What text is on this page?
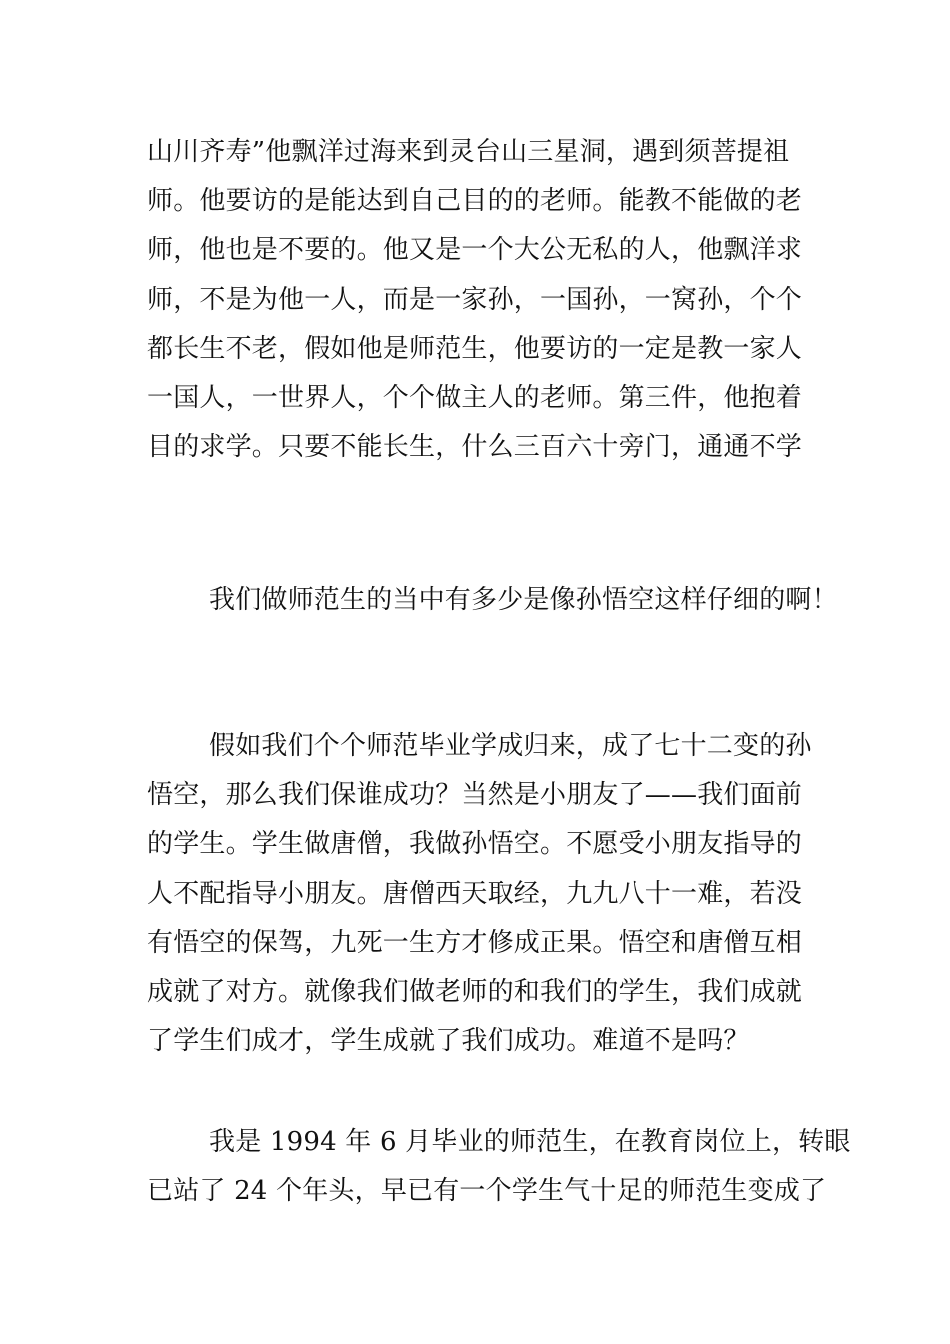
山川齐寿”他飘洋过海来到灵台山三星洞，遇到须菩提祖
师。他要访的是能达到自己目的的老师。能教不能做的老
师，他也是不要的。他又是一个大公无私的人，他飘洋求
师，不是为他一人，而是一家孙，一国孙，一窝孙，个个
都长生不老，假如他是师范生，他要访的一定是教一家人
一国人，一世界人，个个做主人的老师。第三件，他抱着
目的求学。只要不能长生，什么三百六十旁门，通通不学
我们做师范生的当中有多少是像孙悟空这样仔细的啊！
假如我们个个师范毕业学成归来，成了七十二变的孙
悟空，那么我们保谁成功？当然是小朋友了——我们面前
的学生。学生做唐僧，我做孙悟空。不愿受小朋友指导的
人不配指导小朋友。唐僧西天取经，九九八十一难，若没
有悟空的保驾，九死一生方才修成正果。悟空和唐僧互相
成就了对方。就像我们做老师的和我们的学生，我们成就
了学生们成才，学生成就了我们成功。难道不是吗？
我是 1994 年 6 月毕业的师范生，在教育岗位上，转眼
已站了 24 个年头，早已有一个学生气十足的师范生变成了
